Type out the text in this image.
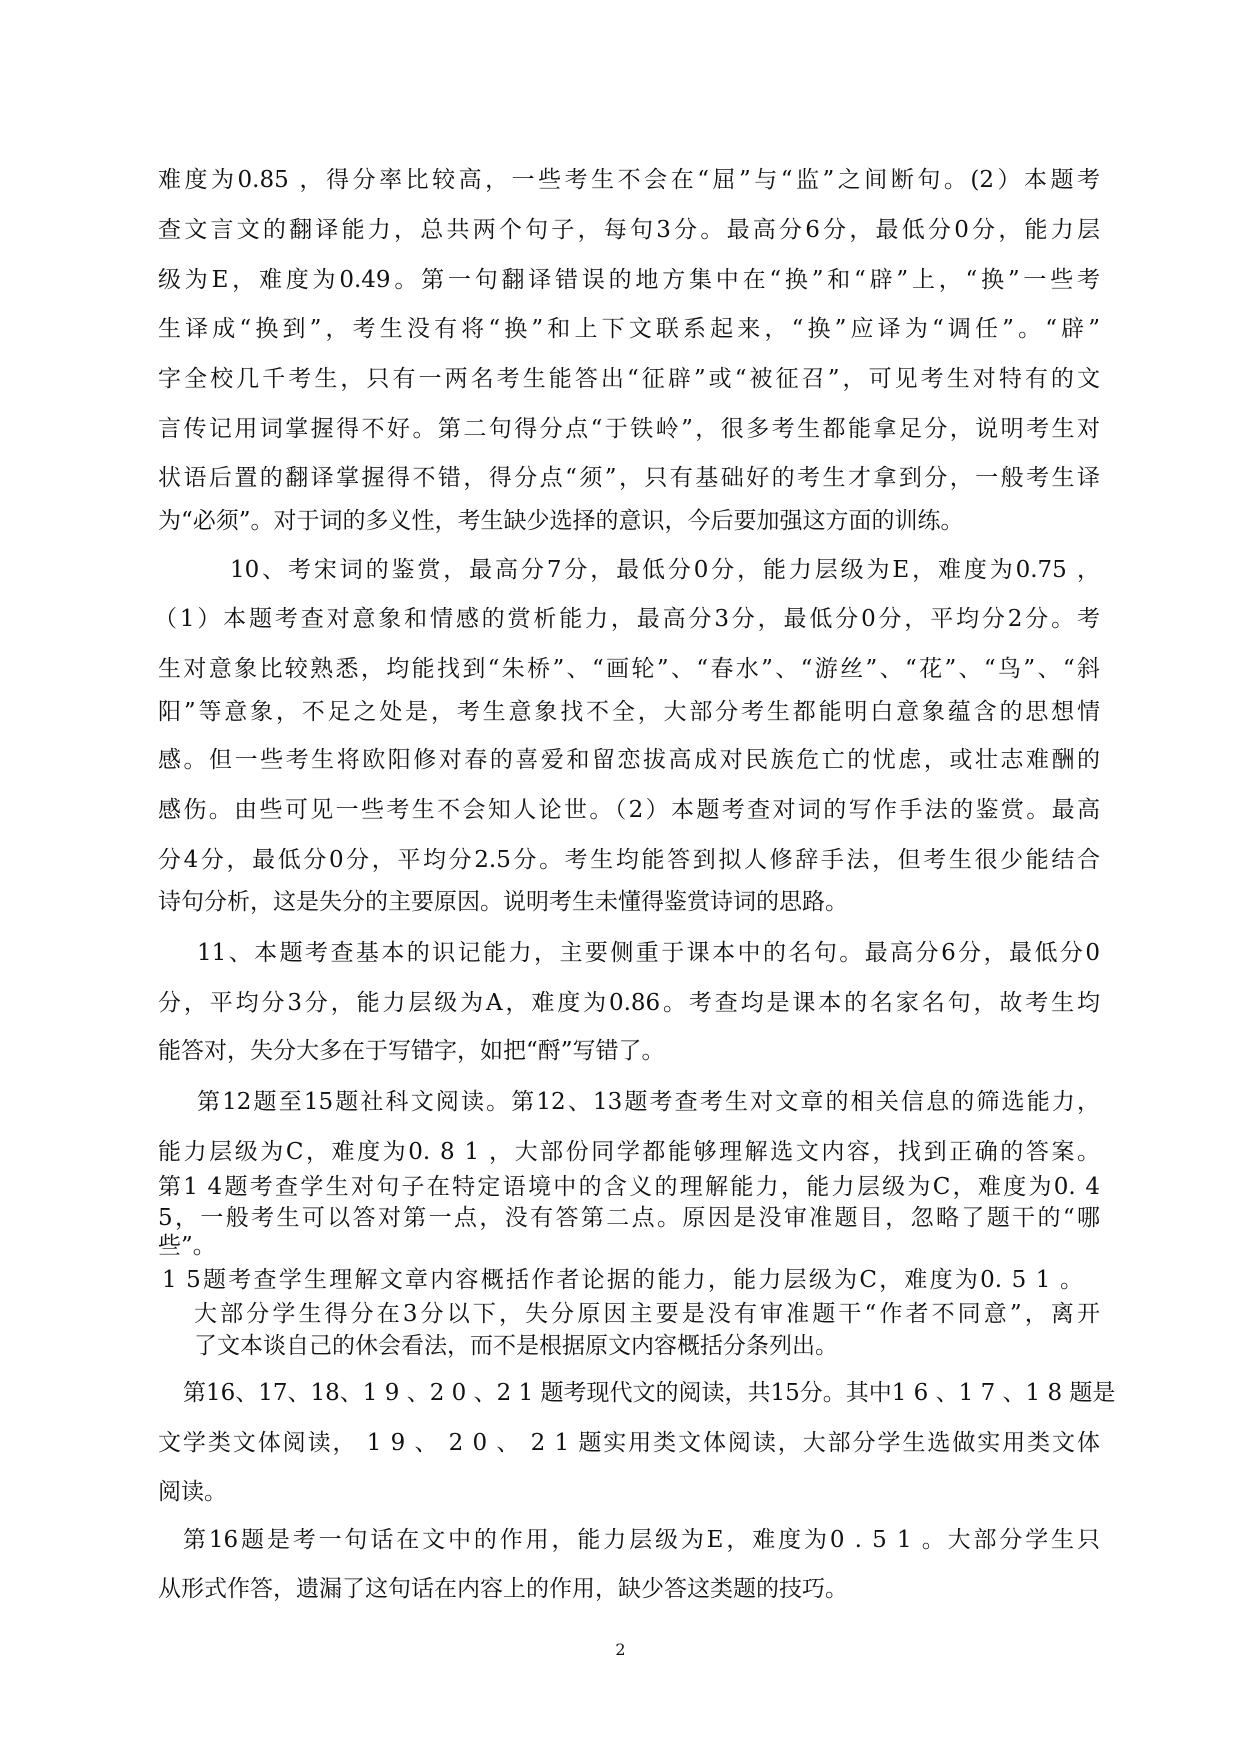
难度为0.85 ，得分率比较高，一些考生不会在“屈”与“监”之间断句。(2）本题考
查文言文的翻译能力，总共两个句子，每句3分。最高分6分，最低分0分，能力层
级为E，难度为0.49。第一句翻译错误的地方集中在“换”和“辟”上，“换”一些考
生译成“换到”，考生没有将“换”和上下文联系起来，“换”应译为“调任”。“辟”
字全校几千考生，只有一两名考生能答出“征辟”或“被征召”，可见考生对特有的文
言传记用词掌握得不好。第二句得分点“于铁岭”，很多考生都能拿足分，说明考生对
状语后置的翻译掌握得不错，得分点“须”，只有基础好的考生才拿到分，一般考生译
为“必须”。对于词的多义性，考生缺少选择的意识，今后要加强这方面的训练。
10、考宋词的鉴赏，最高分7分，最低分0分，能力层级为E，难度为0.75 ，
（1）本题考查对意象和情感的赏析能力，最高分3分，最低分0分，平均分2分。考
生对意象比较熟悉，均能找到“朱桥”、“画轮”、“春水”、“游丝”、“花”、“鸟”、“斜
阳”等意象，不足之处是，考生意象找不全，大部分考生都能明白意象蕴含的思想情
感。但一些考生将欧阳修对春的喜爱和留恋拔高成对民族危亡的忧虑，或壮志难酬的
感伤。由些可见一些考生不会知人论世。（2）本题考查对词的写作手法的鉴赏。最高
分4分，最低分0分，平均分2.5分。考生均能答到拟人修辞手法，但考生很少能结合
诗句分析，这是失分的主要原因。说明考生未懂得鉴赏诗词的思路。
11、本题考查基本的识记能力，主要侧重于课本中的名句。最高分6分，最低分0
分，平均分3分，能力层级为A，难度为0.86。考查均是课本的名家名句，故考生均
能答对，失分大多在于写错字，如把“酹”写错了。
第12题至15题社科文阅读。第12、13题考查考生对文章的相关信息的筛选能力，
能力层级为C，难度为0. 8 1 ，大部份同学都能够理解选文内容，找到正确的答案。
第1 4题考查学生对句子在特定语境中的含义的理解能力，能力层级为C，难度为0. 4
5，一般考生可以答对第一点，没有答第二点。原因是没审准题目，忽略了题干的“哪
些”。
1 5题考查学生理解文章内容概括作者论据的能力，能力层级为C，难度为0. 5 1 。
大部分学生得分在3分以下，失分原因主要是没有审准题干“作者不同意”，离开
了文本谈自己的休会看法，而不是根据原文内容概括分条列出。
第16、17、18、1 9 、2 0 、2 1 题考现代文的阅读，共15分。其中1 6 、1 7 、1 8 题是
文学类文体阅读， 1 9 、 2 0 、 2 1 题实用类文体阅读，大部分学生选做实用类文体
阅读。
第16题是考一句话在文中的作用，能力层级为E，难度为0 . 5 1 。大部分学生只
从形式作答，遗漏了这句话在内容上的作用，缺少答这类题的技巧。
2
